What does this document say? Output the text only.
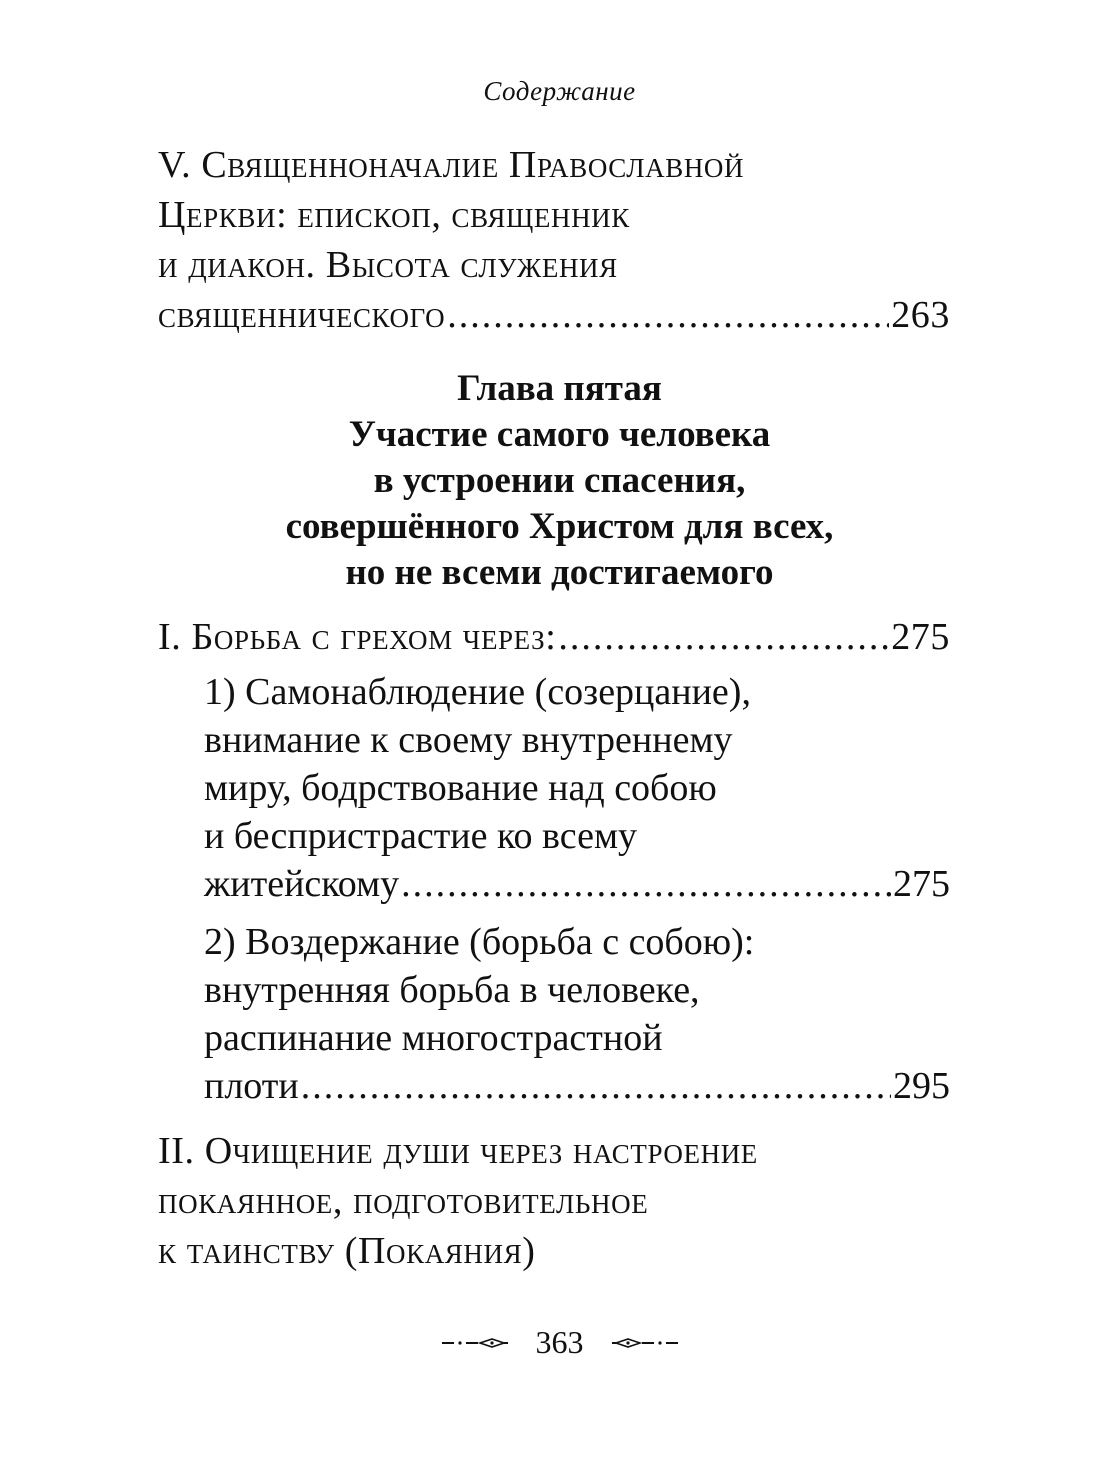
Содержание
V. Священноначалие Православной
Церкви: епископ, священник
и диакон. Высота служения
священнического .....	263
Глава пятая
Участие самого человека
в устроении спасения,
совершённого Христом для всех,
но не всеми достигаемого
I. Борьба с грехом через: .....	275
1) Самонаблюдение (созерцание),
внимание к своему внутреннему
миру, бодрствование над собою
и беспристрастие ко всему
житейскому .....	275
2) Воздержание (борьба с собою):
внутренняя борьба в человеке,
распинание многострастной
плоти .....	295
II. Очищение души через настроение
покаянное, подготовительное
к таинству (Покаяния)
363
